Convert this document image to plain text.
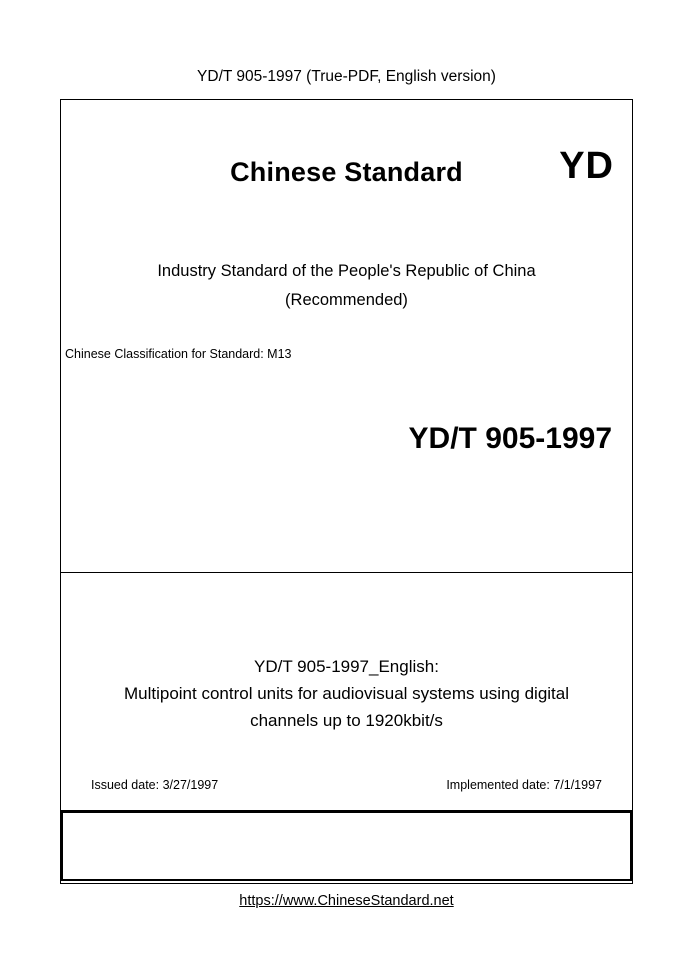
YD/T 905-1997 (True-PDF, English version)
Chinese Standard	YD
Industry Standard of the People's Republic of China
(Recommended)
Chinese Classification for Standard: M13
YD/T 905-1997
YD/T 905-1997_English:
Multipoint control units for audiovisual systems using digital
channels up to 1920kbit/s
Issued date: 3/27/1997	Implemented date: 7/1/1997
https://www.ChineseStandard.net
